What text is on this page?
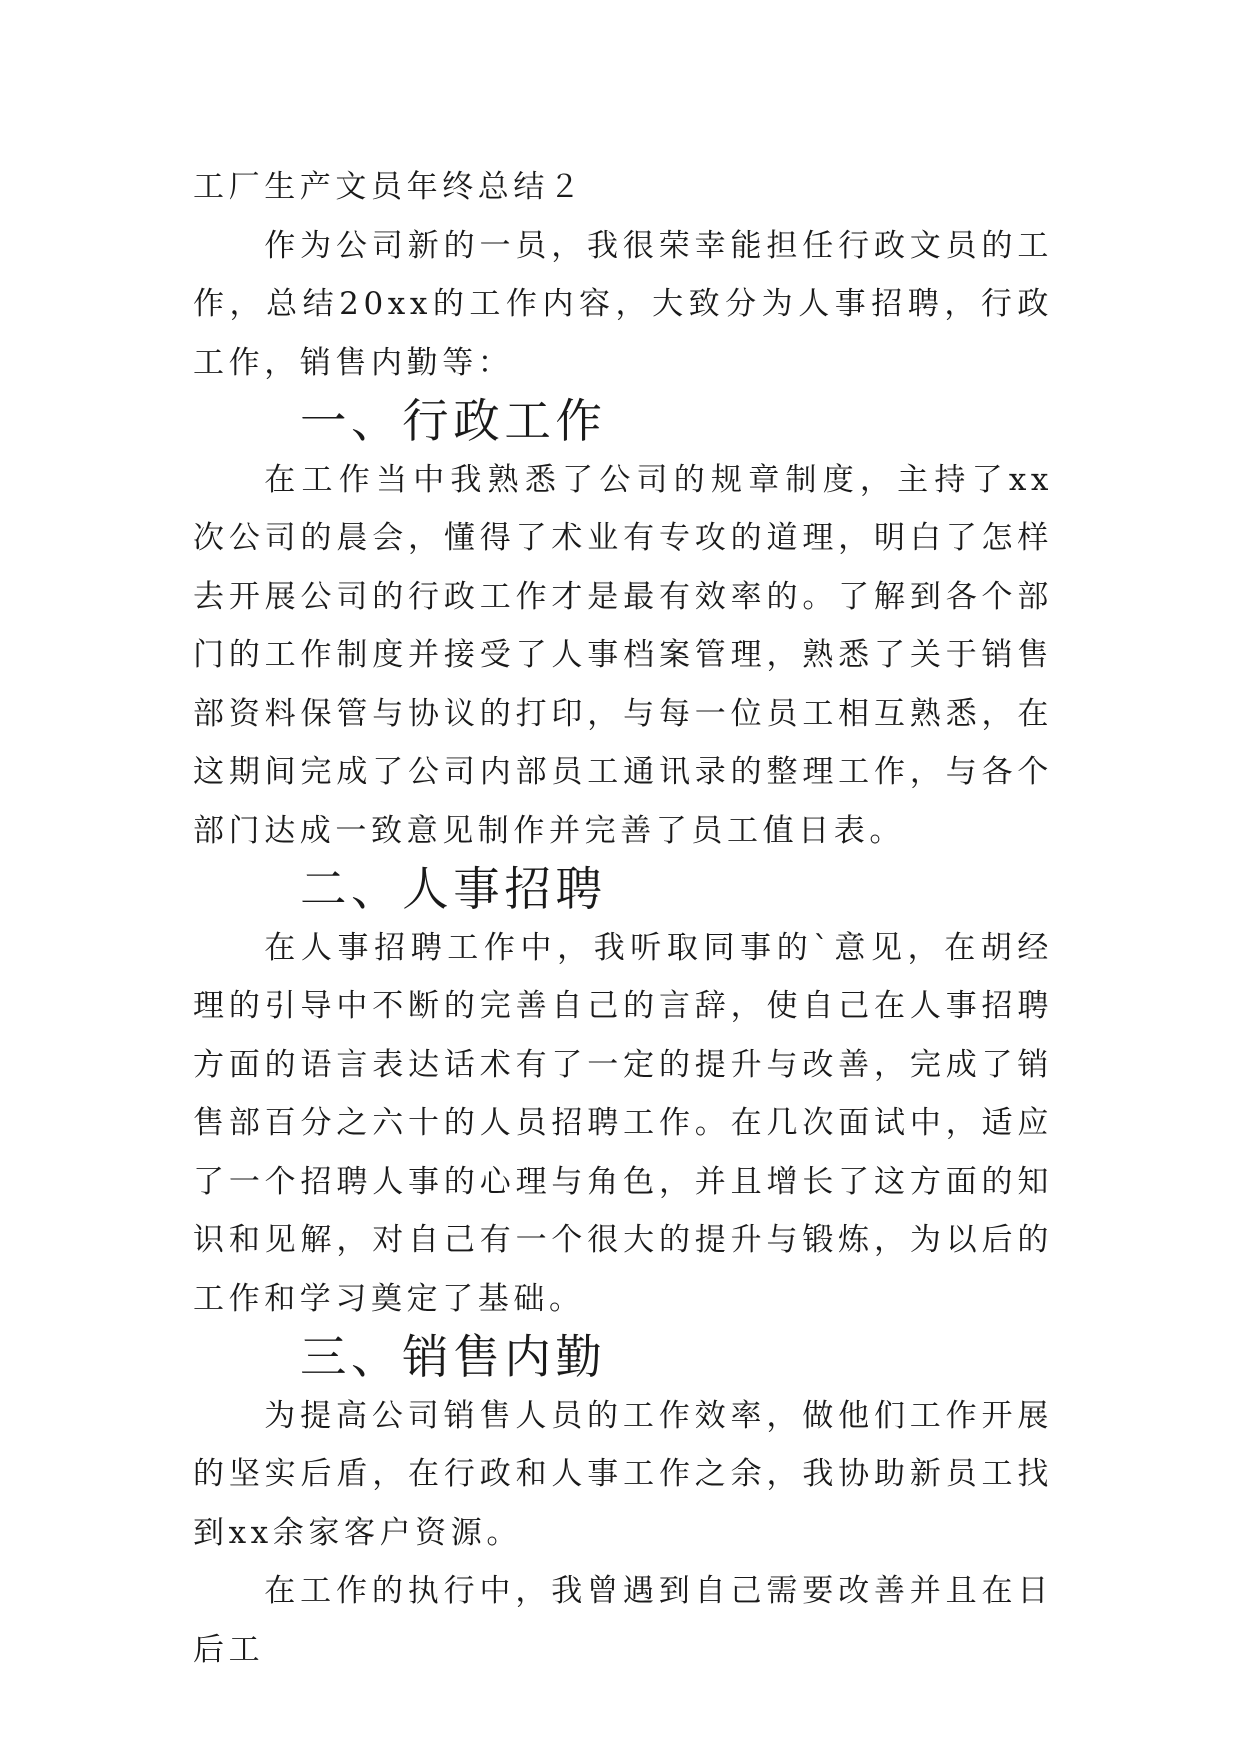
工厂生产文员年终总结２

作为公司新的一员，我很荣幸能担任行政文员的工作，总结20xx的工作内容，大致分为人事招聘，行政工作，销售内勤等：

一、行政工作

在工作当中我熟悉了公司的规章制度，主持了xx次公司的晨会，懂得了术业有专攻的道理，明白了怎样去开展公司的行政工作才是最有效率的。了解到各个部门的工作制度并接受了人事档案管理，熟悉了关于销售部资料保管与协议的打印，与每一位员工相互熟悉，在这期间完成了公司内部员工通讯录的整理工作，与各个部门达成一致意见制作并完善了员工值日表。

二、人事招聘

在人事招聘工作中，我听取同事的`意见，在胡经理的引导中不断的完善自己的言辞，使自己在人事招聘方面的语言表达话术有了一定的提升与改善，完成了销售部百分之六十的人员招聘工作。在几次面试中，适应了一个招聘人事的心理与角色，并且增长了这方面的知识和见解，对自己有一个很大的提升与锻炼，为以后的工作和学习奠定了基础。

三、销售内勤

为提高公司销售人员的工作效率，做他们工作开展的坚实后盾，在行政和人事工作之余，我协助新员工找到xx余家客户资源。

在工作的执行中，我曾遇到自己需要改善并且在日后工
